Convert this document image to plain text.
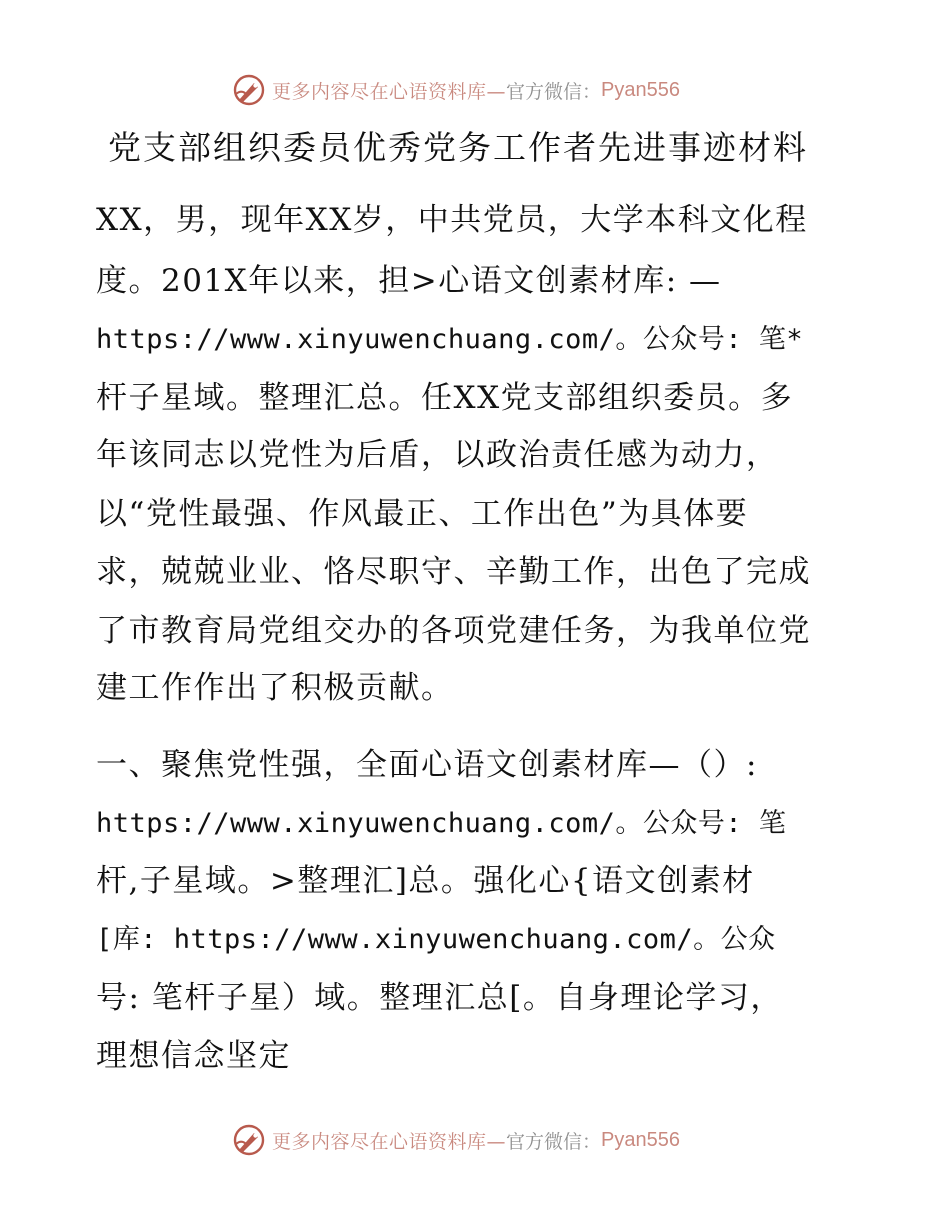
更多内容尽在心语资料库— 官方微信： Pyan556
党支部组织委员优秀党务工作者先进事迹材料
XX，男，现年XX岁，中共党员，大学本科文化程
度。201X年以来，担>心语文创素材库: —
https://www.xinyuwenchuang.com/。公众号: 笔*
杆子星域。整理汇总。任XX党支部组织委员。多
年该同志以党性为后盾，以政治责任感为动力，
以“党性最强、作风最正、工作出色”为具体要
求，兢兢业业、恪尽职守、辛勤工作，出色了完成
了市教育局党组交办的各项党建任务，为我单位党
建工作作出了积极贡献。
一、聚焦党性强，全面心语文创素材库—（）:
https://www.xinyuwenchuang.com/。公众号: 笔
杆,子星域。>整理汇]总。强化心{语文创素材
[库: https://www.xinyuwenchuang.com/。公众
号: 笔杆子星）域。整理汇总[。自身理论学习，
理想信念坚定
更多内容尽在心语资料库— 官方微信： Pyan556
